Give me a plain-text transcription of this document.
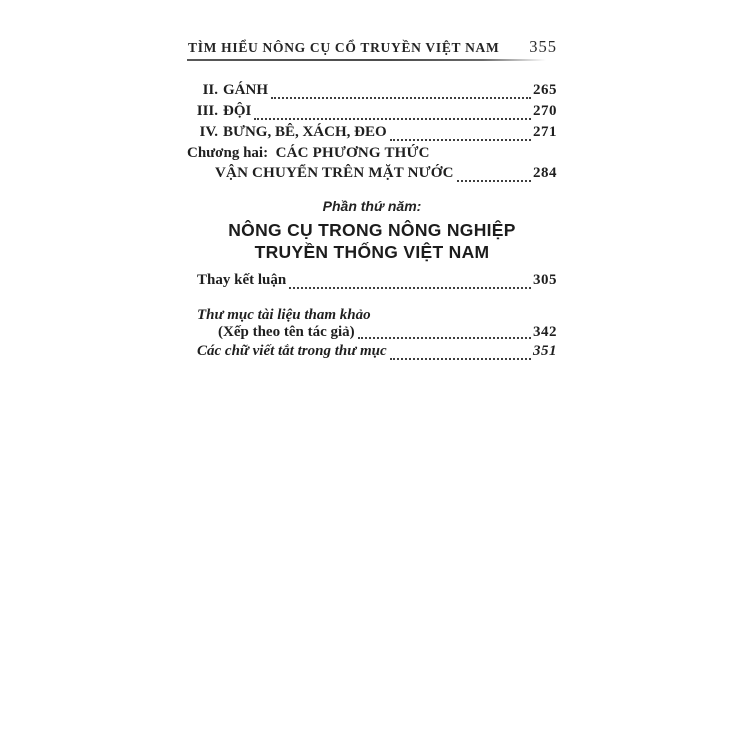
TÌM HIỂU NÔNG CỤ CỔ TRUYỀN VIỆT NAM 355
II. GÁNH	265
III. ĐỘI	270
IV. BƯNG, BÊ, XÁCH, ĐEO	271
Chương hai: CÁC PHƯƠNG THỨC
VẬN CHUYỂN TRÊN MẶT NƯỚC	284
Phần thứ năm:
NÔNG CỤ TRONG NÔNG NGHIỆP
TRUYỀN THỐNG VIỆT NAM
Thay kết luận	305
Thư mục tài liệu tham khảo
(Xếp theo tên tác giả)	342
Các chữ viết tắt trong thư mục	351
